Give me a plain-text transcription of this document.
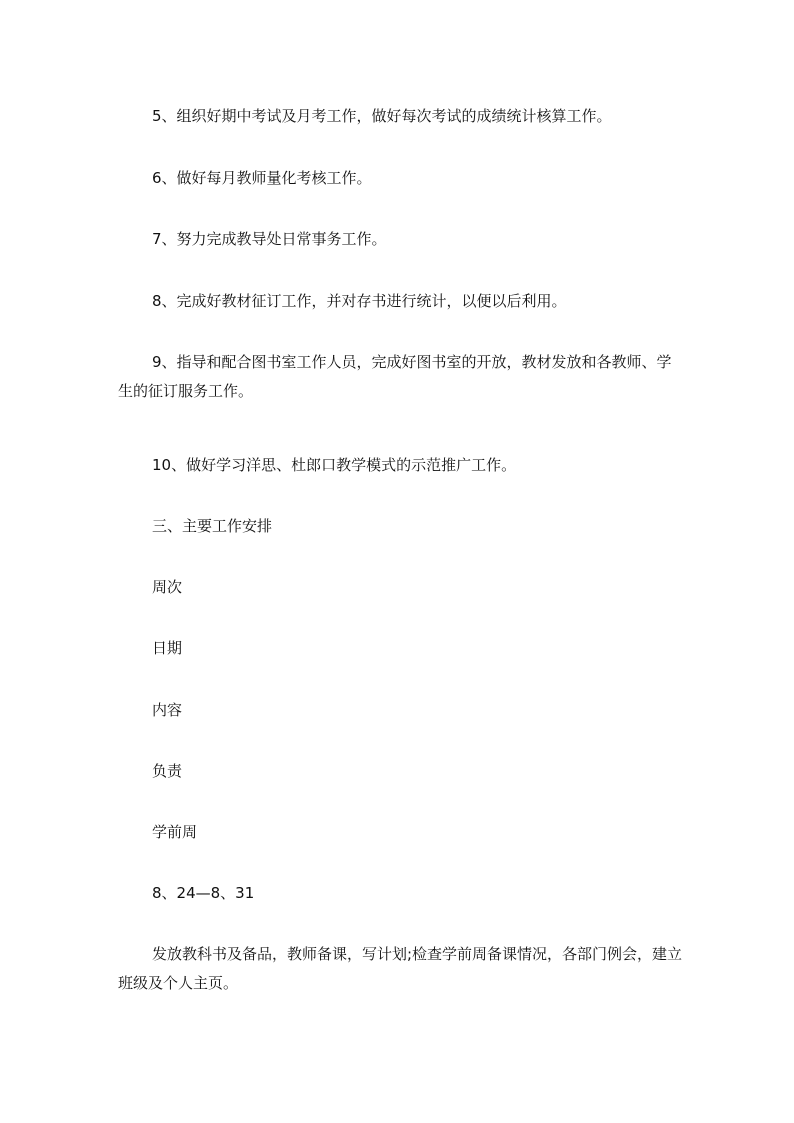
5、组织好期中考试及月考工作，做好每次考试的成绩统计核算工作。

6、做好每月教师量化考核工作。

7、努力完成教导处日常事务工作。

8、完成好教材征订工作，并对存书进行统计，以便以后利用。

9、指导和配合图书室工作人员，完成好图书室的开放，教材发放和各教师、学生的征订服务工作。

10、做好学习洋思、杜郎口教学模式的示范推广工作。

三、主要工作安排

周次

日期

内容

负责

学前周

8、24—8、31

发放教科书及备品，教师备课，写计划;检查学前周备课情况，各部门例会，建立班级及个人主页。
